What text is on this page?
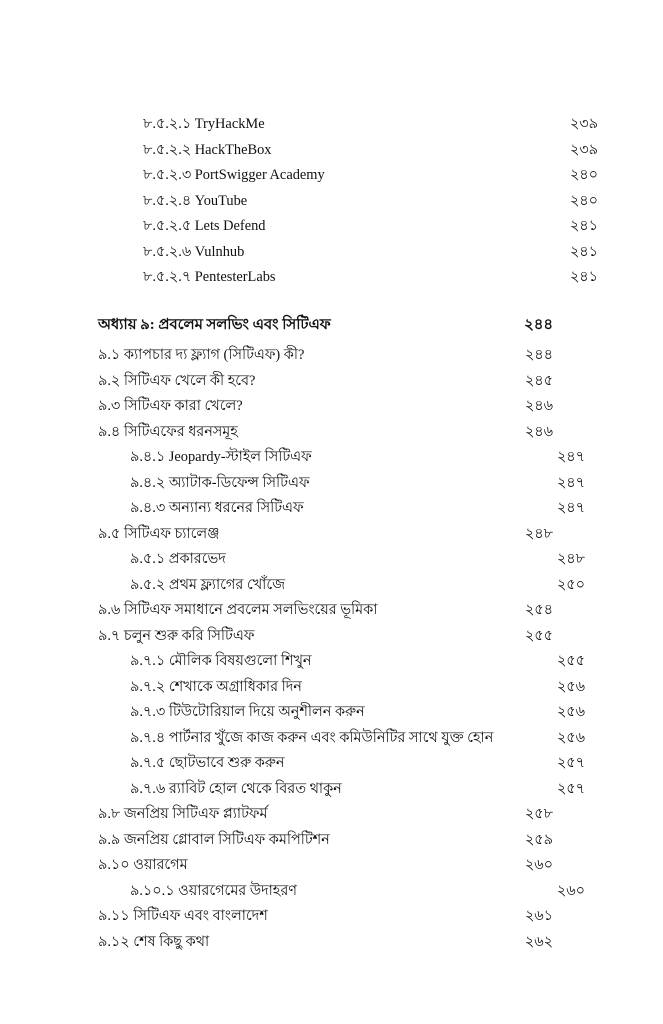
৮.৫.২.১ TryHackMe	২৩৯
৮.৫.২.২ HackTheBox	২৩৯
৮.৫.২.৩ PortSwigger Academy	২৪০
৮.৫.২.৪ YouTube	২৪০
৮.৫.২.৫ Lets Defend	২৪১
৮.৫.২.৬ Vulnhub	২৪১
৮.৫.২.৭ PentesterLabs	২৪১
অধ্যায় ৯: প্রবলেম সলভিং এবং সিটিএফ	২৪৪
৯.১ ক্যাপচার দ্য ফ্ল্যাগ (সিটিএফ) কী?	২৪৪
৯.২ সিটিএফ খেলে কী হবে?	২৪৫
৯.৩ সিটিএফ কারা খেলে?	২৪৬
৯.৪ সিটিএফের ধরনসমূহ	২৪৬
৯.৪.১ Jeopardy-স্টাইল সিটিএফ	২৪৭
৯.৪.২ অ্যাটাক-ডিফেন্স সিটিএফ	২৪৭
৯.৪.৩ অন্যান্য ধরনের সিটিএফ	২৪৭
৯.৫ সিটিএফ চ্যালেঞ্জ	২৪৮
৯.৫.১ প্রকারভেদ	২৪৮
৯.৫.২ প্রথম ফ্ল্যাগের খোঁজে	২৫০
৯.৬ সিটিএফ সমাধানে প্রবলেম সলভিংয়ের ভূমিকা	২৫৪
৯.৭ চলুন শুরু করি সিটিএফ	২৫৫
৯.৭.১ মৌলিক বিষয়গুলো শিখুন	২৫৫
৯.৭.২ শেখাকে অগ্রাধিকার দিন	২৫৬
৯.৭.৩ টিউটোরিয়াল দিয়ে অনুশীলন করুন	২৫৬
৯.৭.৪ পার্টনার খুঁজে কাজ করুন এবং কমিউনিটির সাথে যুক্ত হোন	২৫৬
৯.৭.৫ ছোটভাবে শুরু করুন	২৫৭
৯.৭.৬ র‍্যাবিট হোল থেকে বিরত থাকুন	২৫৭
৯.৮ জনপ্রিয় সিটিএফ প্ল্যাটফর্ম	২৫৮
৯.৯ জনপ্রিয় গ্লোবাল সিটিএফ কমপিটিশন	২৫৯
৯.১০ ওয়ারগেম	২৬০
৯.১০.১ ওয়ারগেমের উদাহরণ	২৬০
৯.১১ সিটিএফ এবং বাংলাদেশ	২৬১
৯.১২ শেষ কিছু কথা	২৬২
